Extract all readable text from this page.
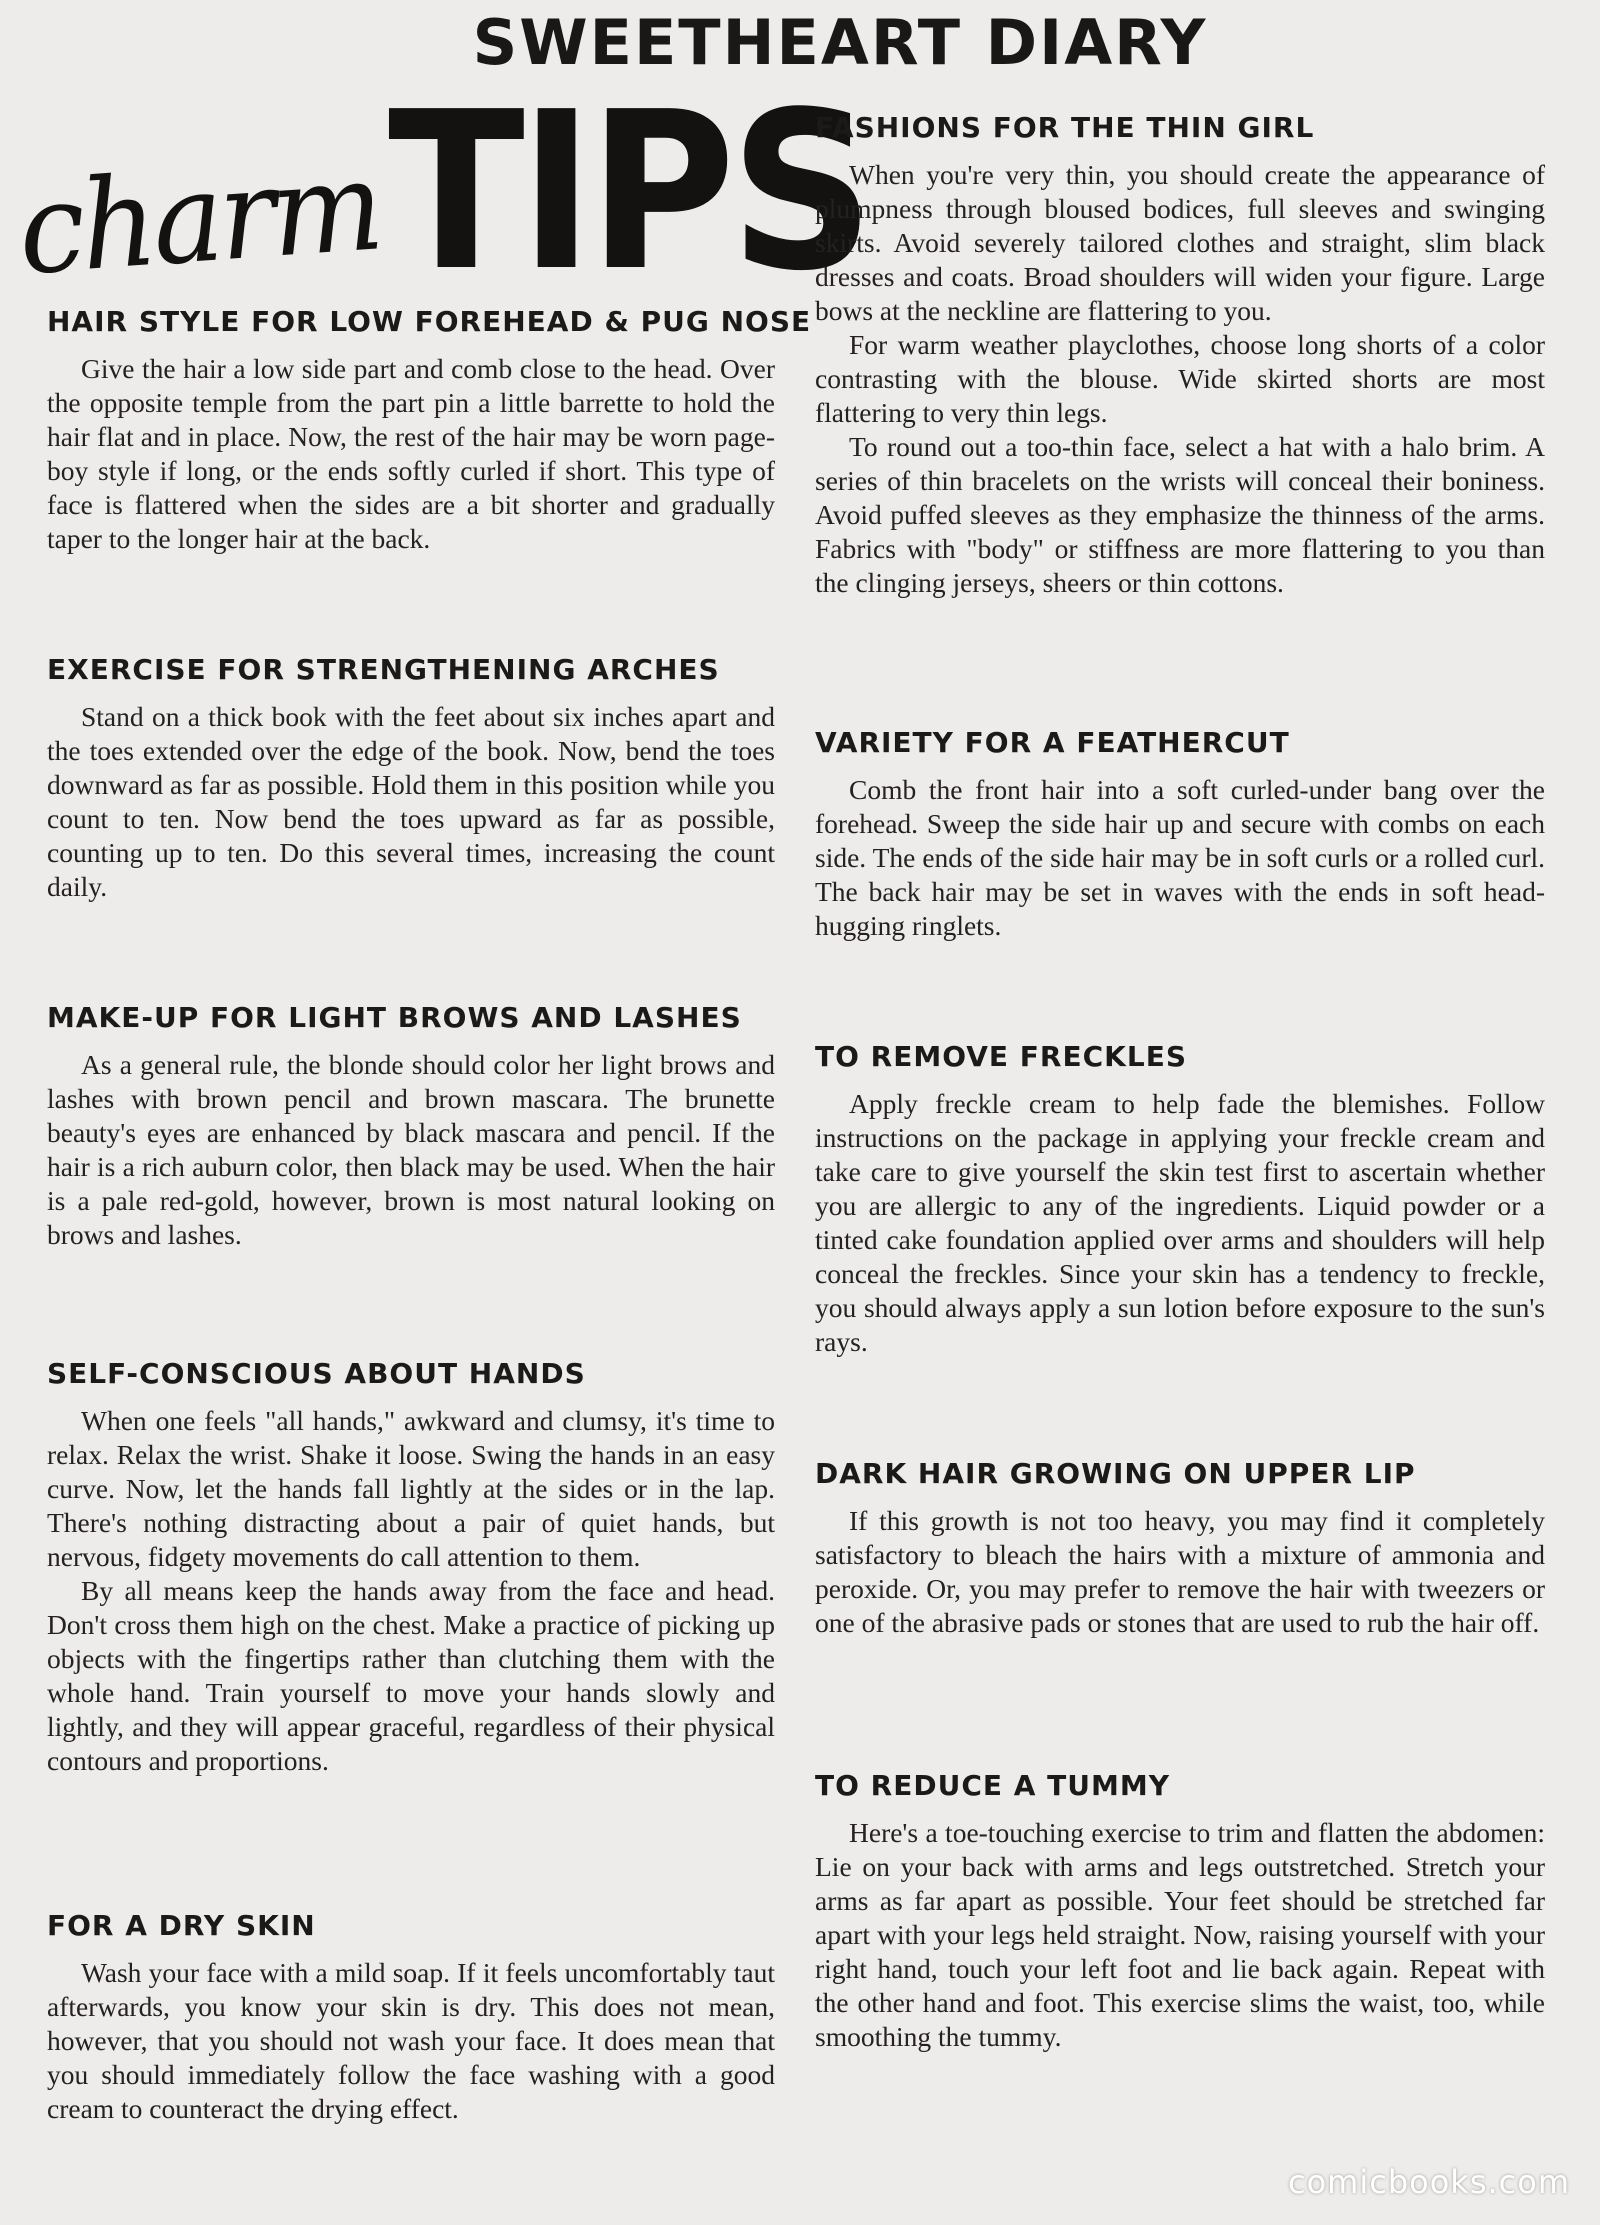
SWEETHEART DIARY
charm TIPS
HAIR STYLE FOR LOW FOREHEAD & PUG NOSE

Give the hair a low side part and comb close to the head. Over the opposite temple from the part pin a little barrette to hold the hair flat and in place. Now, the rest of the hair may be worn page-boy style if long, or the ends softly curled if short. This type of face is flattered when the sides are a bit shorter and gradually taper to the longer hair at the back.

EXERCISE FOR STRENGTHENING ARCHES

Stand on a thick book with the feet about six inches apart and the toes extended over the edge of the book. Now, bend the toes downward as far as possible. Hold them in this position while you count to ten. Now bend the toes upward as far as possible, counting up to ten. Do this several times, increasing the count daily.

MAKE-UP FOR LIGHT BROWS AND LASHES

As a general rule, the blonde should color her light brows and lashes with brown pencil and brown mascara. The brunette beauty's eyes are enhanced by black mascara and pencil. If the hair is a rich auburn color, then black may be used. When the hair is a pale red-gold, however, brown is most natural looking on brows and lashes.

SELF-CONSCIOUS ABOUT HANDS

When one feels "all hands," awkward and clumsy, it's time to relax. Relax the wrist. Shake it loose. Swing the hands in an easy curve. Now, let the hands fall lightly at the sides or in the lap. There's nothing distracting about a pair of quiet hands, but nervous, fidgety movements do call attention to them.

By all means keep the hands away from the face and head. Don't cross them high on the chest. Make a practice of picking up objects with the fingertips rather than clutching them with the whole hand. Train yourself to move your hands slowly and lightly, and they will appear graceful, regardless of their physical contours and proportions.

FOR A DRY SKIN

Wash your face with a mild soap. If it feels uncomfortably taut afterwards, you know your skin is dry. This does not mean, however, that you should not wash your face. It does mean that you should immediately follow the face washing with a good cream to counteract the drying effect.

FASHIONS FOR THE THIN GIRL

When you're very thin, you should create the appearance of plumpness through bloused bodices, full sleeves and swinging skirts. Avoid severely tailored clothes and straight, slim black dresses and coats. Broad shoulders will widen your figure. Large bows at the neckline are flattering to you.

For warm weather playclothes, choose long shorts of a color contrasting with the blouse. Wide skirted shorts are most flattering to very thin legs.

To round out a too-thin face, select a hat with a halo brim. A series of thin bracelets on the wrists will conceal their boniness. Avoid puffed sleeves as they emphasize the thinness of the arms. Fabrics with "body" or stiffness are more flattering to you than the clinging jerseys, sheers or thin cottons.

VARIETY FOR A FEATHERCUT

Comb the front hair into a soft curled-under bang over the forehead. Sweep the side hair up and secure with combs on each side. The ends of the side hair may be in soft curls or a rolled curl. The back hair may be set in waves with the ends in soft head-hugging ringlets.

TO REMOVE FRECKLES

Apply freckle cream to help fade the blemishes. Follow instructions on the package in applying your freckle cream and take care to give yourself the skin test first to ascertain whether you are allergic to any of the ingredients. Liquid powder or a tinted cake foundation applied over arms and shoulders will help conceal the freckles. Since your skin has a tendency to freckle, you should always apply a sun lotion before exposure to the sun's rays.

DARK HAIR GROWING ON UPPER LIP

If this growth is not too heavy, you may find it completely satisfactory to bleach the hairs with a mixture of ammonia and peroxide. Or, you may prefer to remove the hair with tweezers or one of the abrasive pads or stones that are used to rub the hair off.

TO REDUCE A TUMMY

Here's a toe-touching exercise to trim and flatten the abdomen: Lie on your back with arms and legs outstretched. Stretch your arms as far apart as possible. Your feet should be stretched far apart with your legs held straight. Now, raising yourself with your right hand, touch your left foot and lie back again. Repeat with the other hand and foot. This exercise slims the waist, too, while smoothing the tummy.

comicbooks.com
